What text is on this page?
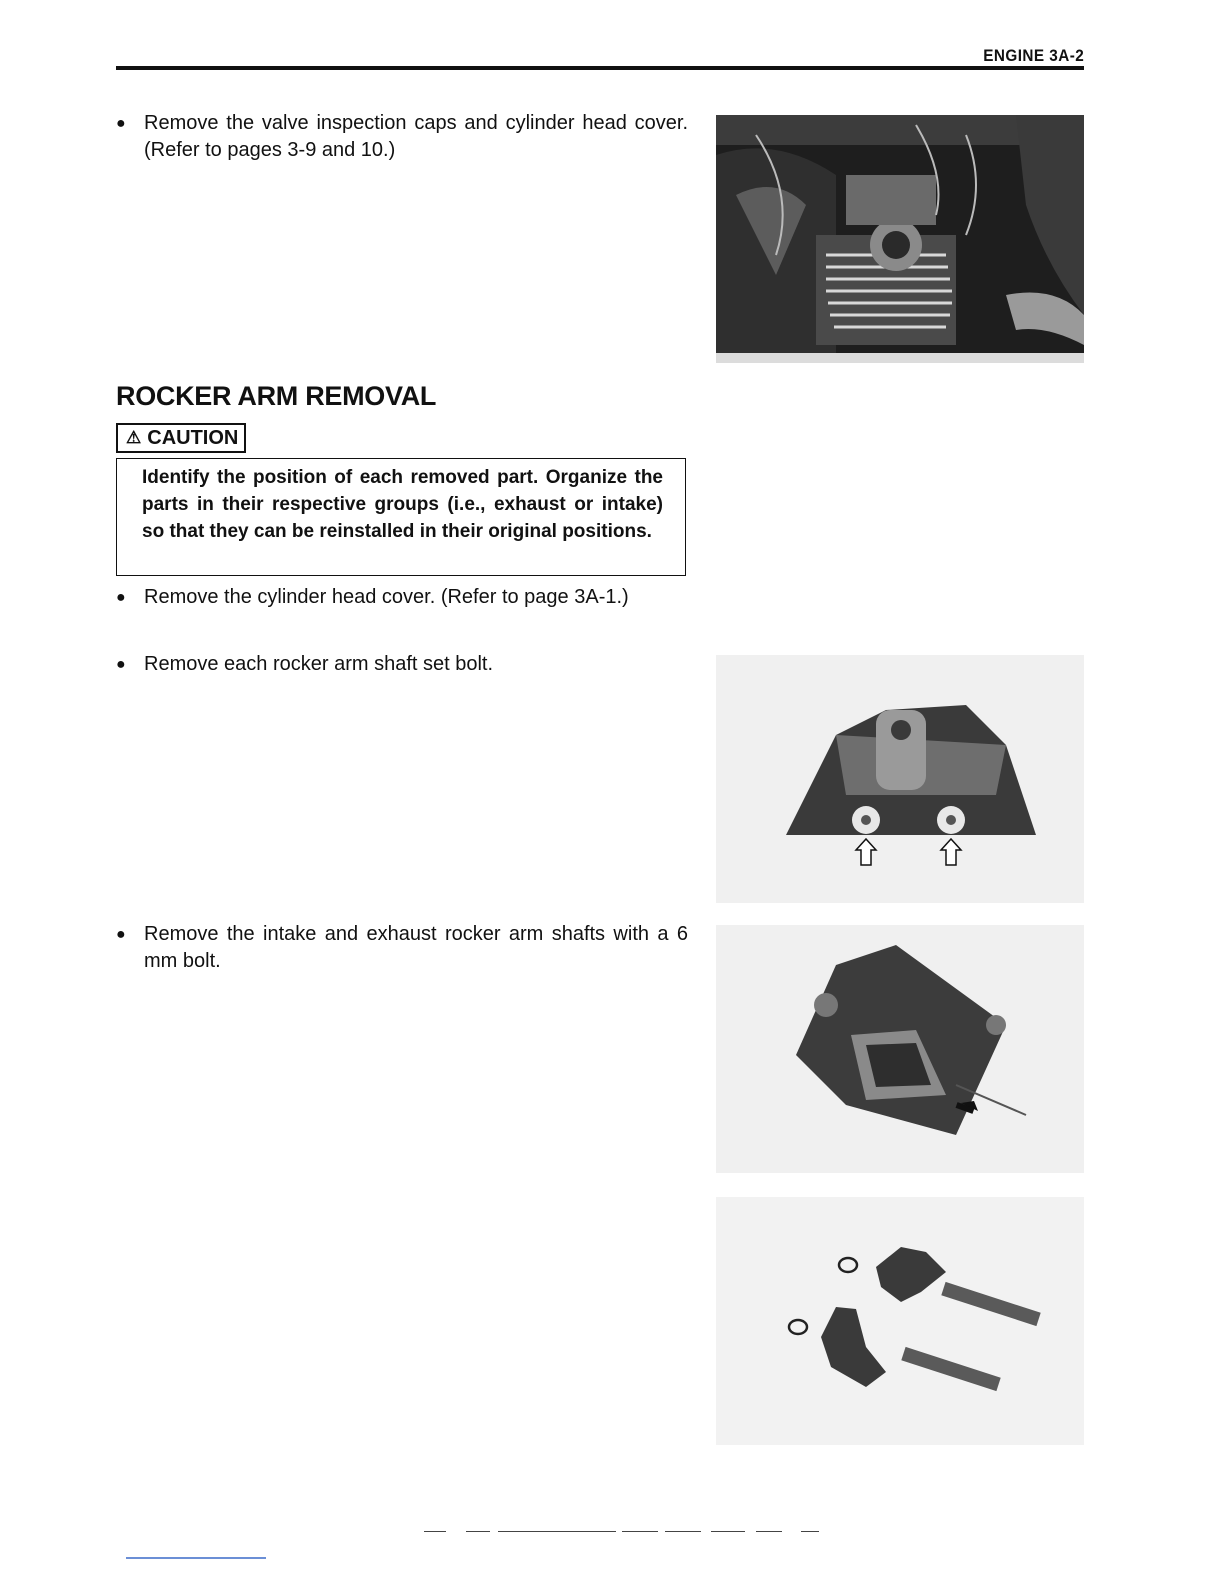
ENGINE 3A-2
● Remove the valve inspection caps and cylinder head cover. (Refer to pages 3-9 and 10.)
ROCKER ARM REMOVAL
⚠ CAUTION
Identify the position of each removed part. Organize the parts in their respective groups (i.e., exhaust or intake) so that they can be reinstalled in their original positions.
● Remove the cylinder head cover. (Refer to page 3A-1.)
● Remove each rocker arm shaft set bolt.
● Remove the intake and exhaust rocker arm shafts with a 6 mm bolt.
